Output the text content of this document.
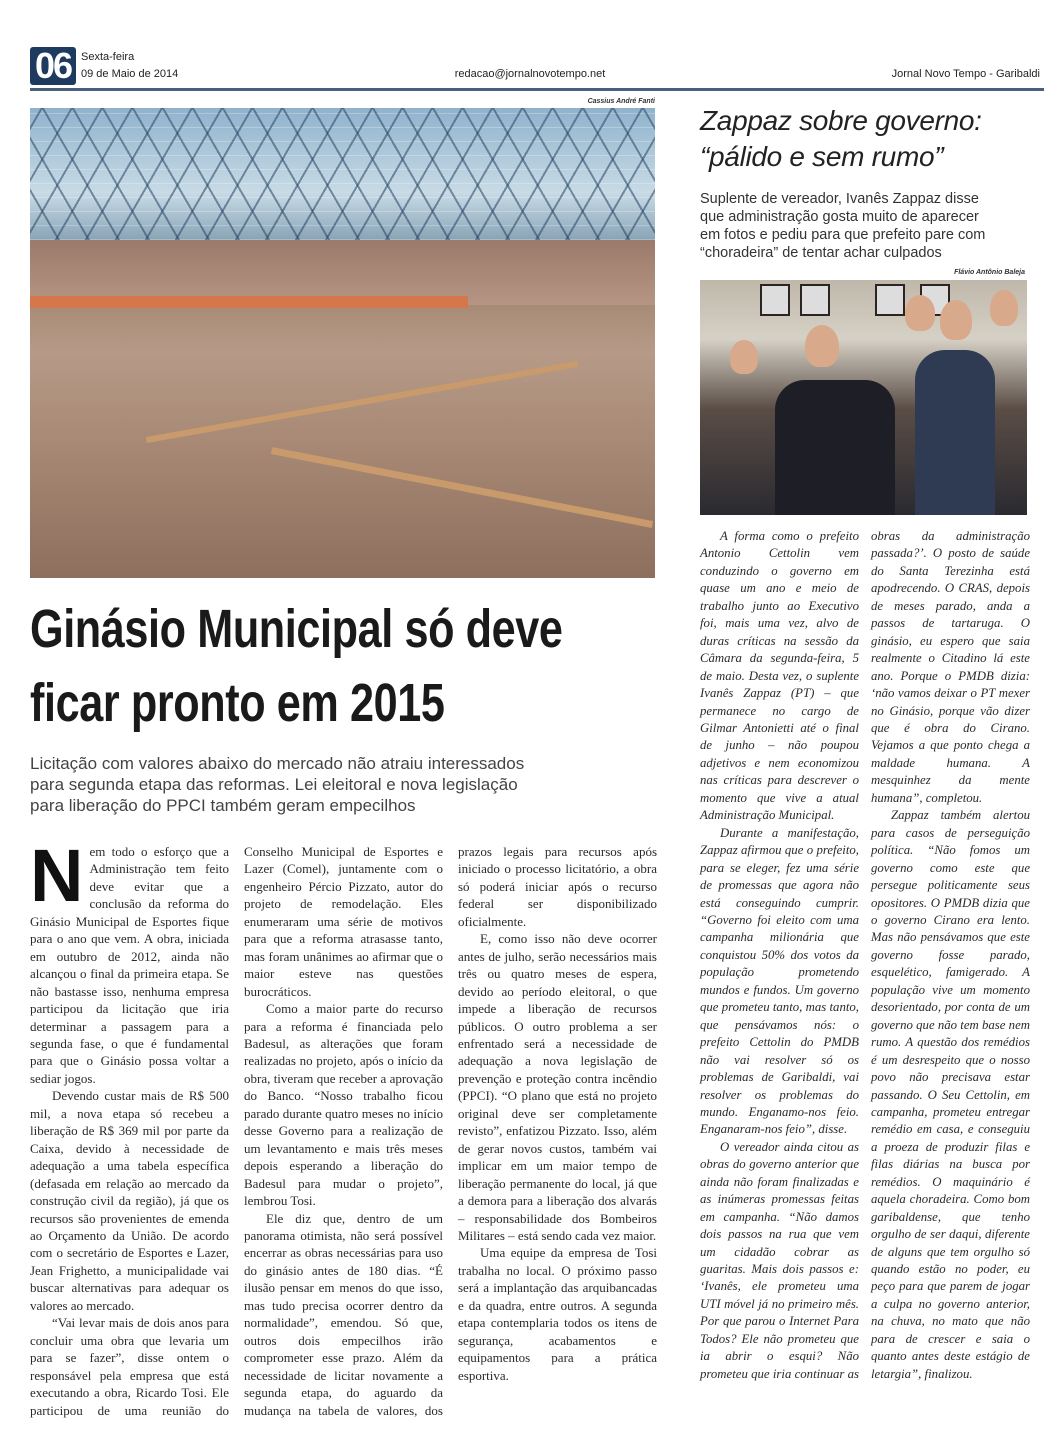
06 Sexta-feira
09 de Maio de 2014	redacao@jornalnovotempo.net	Jornal Novo Tempo - Garibaldi
Cassius André Fanti
Ginásio Municipal só deve
ficar pronto em 2015
Licitação com valores abaixo do mercado não atraiu interessados para segunda etapa das reformas. Lei eleitoral e nova legislação para liberação do PPCI também geram empecilhos

Nem todo o esforço que a Administração tem feito deve evitar que a conclusão da reforma do Ginásio Municipal de Esportes fique para o ano que vem. A obra, iniciada em outubro de 2012, ainda não alcançou o final da primeira etapa. Se não bastasse isso, nenhuma empresa participou da licitação que iria determinar a passagem para a segunda fase, o que é fundamental para que o Ginásio possa voltar a sediar jogos.

Devendo custar mais de R$ 500 mil, a nova etapa só recebeu a liberação de R$ 369 mil por parte da Caixa, devido à necessidade de adequação a uma tabela específica (defasada em relação ao mercado da construção civil da região), já que os recursos são provenientes de emenda ao Orçamento da União. De acordo com o secretário de Esportes e Lazer, Jean Frighetto, a municipalidade vai buscar alternativas para adequar os valores ao mercado.

“Vai levar mais de dois anos para concluir uma obra que levaria um para se fazer”, disse ontem o responsável pela empresa que está executando a obra, Ricardo Tosi. Ele participou de uma reunião do Conselho Municipal de Esportes e Lazer (Comel), juntamente com o engenheiro Pércio Pizzato, autor do projeto de remodelação. Eles enumeraram uma série de motivos para que a reforma atrasasse tanto, mas foram unânimes ao afirmar que o maior esteve nas questões burocráticos.

Como a maior parte do recurso para a reforma é financiada pelo Badesul, as alterações que foram realizadas no projeto, após o início da obra, tiveram que receber a aprovação do Banco. “Nosso trabalho ficou parado durante quatro meses no início desse Governo para a realização de um levantamento e mais três meses depois esperando a liberação do Badesul para mudar o projeto”, lembrou Tosi.

Ele diz que, dentro de um panorama otimista, não será possível encerrar as obras necessárias para uso do ginásio antes de 180 dias. “É ilusão pensar em menos do que isso, mas tudo precisa ocorrer dentro da normalidade”, emendou. Só que, outros dois empecilhos irão comprometer esse prazo. Além da necessidade de licitar novamente a segunda etapa, do aguardo da mudança na tabela de valores, dos prazos legais para recursos após iniciado o processo licitatório, a obra só poderá iniciar após o recurso federal ser disponibilizado oficialmente.

E, como isso não deve ocorrer antes de julho, serão necessários mais três ou quatro meses de espera, devido ao período eleitoral, o que impede a liberação de recursos públicos. O outro problema a ser enfrentado será a necessidade de adequação a nova legislação de prevenção e proteção contra incêndio (PPCI). “O plano que está no projeto original deve ser completamente revisto”, enfatizou Pizzato. Isso, além de gerar novos custos, também vai implicar em um maior tempo de liberação permanente do local, já que a demora para a liberação dos alvarás – responsabilidade dos Bombeiros Militares – está sendo cada vez maior.

Uma equipe da empresa de Tosi trabalha no local. O próximo passo será a implantação das arquibancadas e da quadra, entre outros. A segunda etapa contemplaria todos os itens de segurança, acabamentos e equipamentos para a prática esportiva.

Zappaz sobre governo:
“pálido e sem rumo”
Suplente de vereador, Ivanês Zappaz disse que administração gosta muito de aparecer em fotos e pediu para que prefeito pare com “choradeira” de tentar achar culpados
Flávio Antônio Baleja

A forma como o prefeito Antonio Cettolin vem conduzindo o governo em quase um ano e meio de trabalho junto ao Executivo foi, mais uma vez, alvo de duras críticas na sessão da Câmara da segunda-feira, 5 de maio. Desta vez, o suplente Ivanês Zappaz (PT) – que permanece no cargo de Gilmar Antonietti até o final de junho – não poupou adjetivos e nem economizou nas críticas para descrever o momento que vive a atual Administração Municipal.

Durante a manifestação, Zappaz afirmou que o prefeito, para se eleger, fez uma série de promessas que agora não está conseguindo cumprir. “Governo foi eleito com uma campanha milionária que conquistou 50% dos votos da população prometendo mundos e fundos. Um governo que prometeu tanto, mas tanto, que pensávamos nós: o prefeito Cettolin do PMDB não vai resolver só os problemas de Garibaldi, vai resolver os problemas do mundo. Enganamo-nos feio. Enganaram-nos feio”, disse.

O vereador ainda citou as obras do governo anterior que ainda não foram finalizadas e as inúmeras promessas feitas em campanha. “Não damos dois passos na rua que vem um cidadão cobrar as guaritas. Mais dois passos e: ‘Ivanês, ele prometeu uma UTI móvel já no primeiro mês. Por que parou o Internet Para Todos? Ele não prometeu que ia abrir o esqui? Não prometeu que iria continuar as obras da administração passada?’. O posto de saúde do Santa Terezinha está apodrecendo. O CRAS, depois de meses parado, anda a passos de tartaruga. O ginásio, eu espero que saia realmente o Citadino lá este ano. Porque o PMDB dizia: ‘não vamos deixar o PT mexer no Ginásio, porque vão dizer que é obra do Cirano. Vejamos a que ponto chega a maldade humana. A mesquinhez da mente humana”, completou.

Zappaz também alertou para casos de perseguição política. “Não fomos um governo como este que persegue politicamente seus opositores. O PMDB dizia que o governo Cirano era lento. Mas não pensávamos que este governo fosse parado, esquelético, famigerado. A população vive um momento desorientado, por conta de um governo que não tem base nem rumo. A questão dos remédios é um desrespeito que o nosso povo não precisava estar passando. O Seu Cettolin, em campanha, prometeu entregar remédio em casa, e conseguiu a proeza de produzir filas e filas diárias na busca por remédios. O maquinário é aquela choradeira. Como bom garibaldense, que tenho orgulho de ser daqui, diferente de alguns que tem orgulho só quando estão no poder, eu peço para que parem de jogar a culpa no governo anterior, na chuva, no mato que não para de crescer e saia o quanto antes deste estágio de letargia”, finalizou.
